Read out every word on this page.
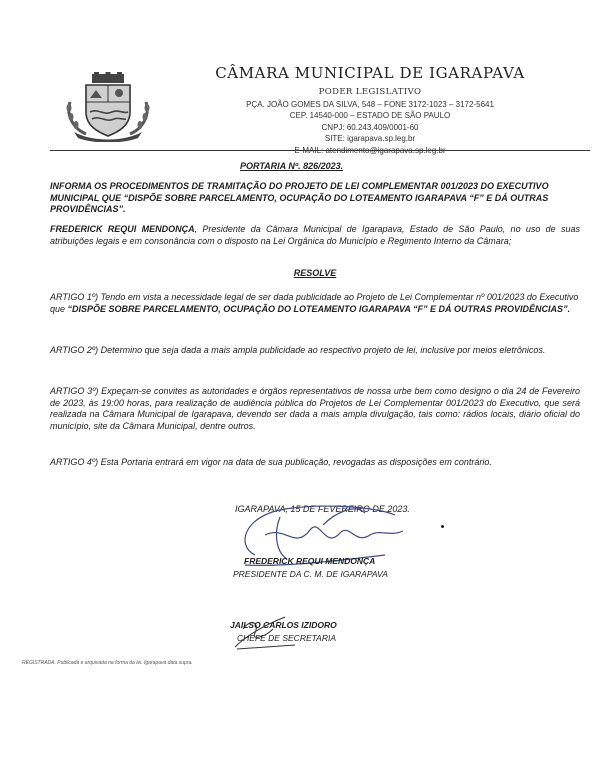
CÂMARA MUNICIPAL DE IGARAPAVA
PODER LEGISLATIVO
PÇA. JOÃO GOMES DA SILVA, 548 – FONE 3172-1023 – 3172-5641
CEP. 14540-000 – ESTADO DE SÃO PAULO
CNPJ: 60.243.409/0001-60
SITE: igarapava.sp.leg.br
E-MAIL: atendimento@igarapava.sp.leg.br
PORTARIA Nº. 826/2023.
INFORMA OS PROCEDIMENTOS DE TRAMITAÇÃO DO PROJETO DE LEI COMPLEMENTAR 001/2023 DO EXECUTIVO MUNICIPAL QUE “DISPÕE SOBRE PARCELAMENTO, OCUPAÇÃO DO LOTEAMENTO IGARAPAVA “F” E DÁ OUTRAS PROVIDÊNCIAS”.
FREDERICK REQUI MENDONÇA, Presidente da Câmara Municipal de Igarapava, Estado de São Paulo, no uso de suas atribuições legais e em consonância com o disposto na Lei Orgânica do Município e Regimento Interno da Câmara;
RESOLVE
ARTIGO 1º) Tendo em vista a necessidade legal de ser dada publicidade ao Projeto de Lei Complementar nº 001/2023 do Executivo que “DISPÕE SOBRE PARCELAMENTO, OCUPAÇÃO DO LOTEAMENTO IGARAPAVA “F” E DÁ OUTRAS PROVIDÊNCIAS”.
ARTIGO 2º) Determino que seja dada a mais ampla publicidade ao respectivo projeto de lei, inclusive por meios eletrônicos.
ARTIGO 3º) Expeçam-se convites as autoridades e órgãos representativos de nossa urbe bem como designo o dia 24 de Fevereiro de 2023, às 19:00 horas, para realização de audiência pública do Projetos de Lei Complementar 001/2023 do Executivo, que será realizada na Câmara Municipal de Igarapava, devendo ser dada a mais ampla divulgação, tais como: rádios locais, diário oficial do município, site da Câmara Municipal, dentre outros.
ARTIGO 4º) Esta Portaria entrará em vigor na data de sua publicação, revogadas as disposições em contrário.
IGARAPAVA, 15 DE FEVEREIRO DE 2023.
FREDERICK REQUI MENDONÇA
PRESIDENTE DA C. M. DE IGARAPAVA
JAILSO CARLOS IZIDORO
CHEFE DE SECRETARIA
REGISTRADA. Publicada e arquivada na forma da lei. Igarapava data supra.
